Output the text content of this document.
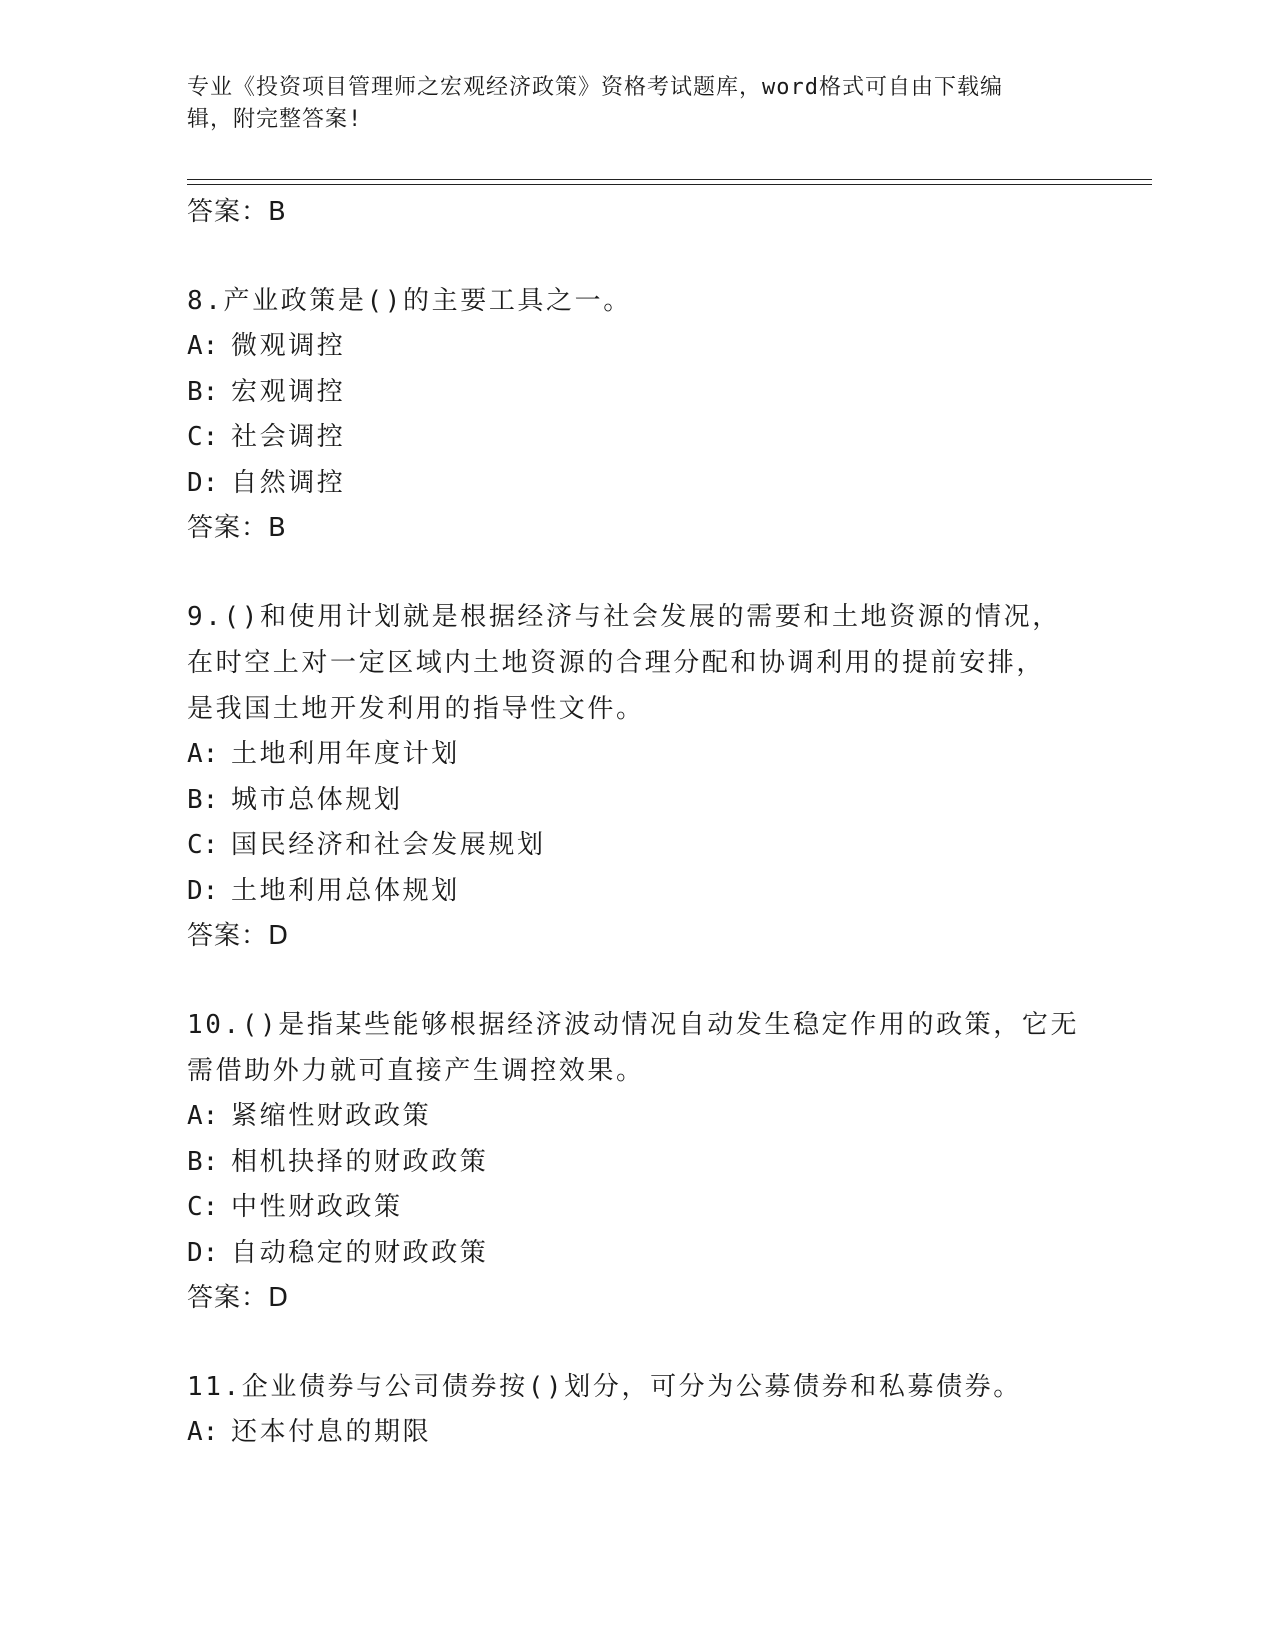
专业《投资项目管理师之宏观经济政策》资格考试题库，word格式可自由下载编
辑，附完整答案!
答案：B
8.产业政策是()的主要工具之一。
A: 微观调控
B: 宏观调控
C: 社会调控
D: 自然调控
答案：B
9.()和使用计划就是根据经济与社会发展的需要和土地资源的情况，
在时空上对一定区域内土地资源的合理分配和协调利用的提前安排，
是我国土地开发利用的指导性文件。
A: 土地利用年度计划
B: 城市总体规划
C: 国民经济和社会发展规划
D: 土地利用总体规划
答案：D
10.()是指某些能够根据经济波动情况自动发生稳定作用的政策，它无
需借助外力就可直接产生调控效果。
A: 紧缩性财政政策
B: 相机抉择的财政政策
C: 中性财政政策
D: 自动稳定的财政政策
答案：D
11.企业债券与公司债券按()划分，可分为公募债券和私募债券。
A: 还本付息的期限
